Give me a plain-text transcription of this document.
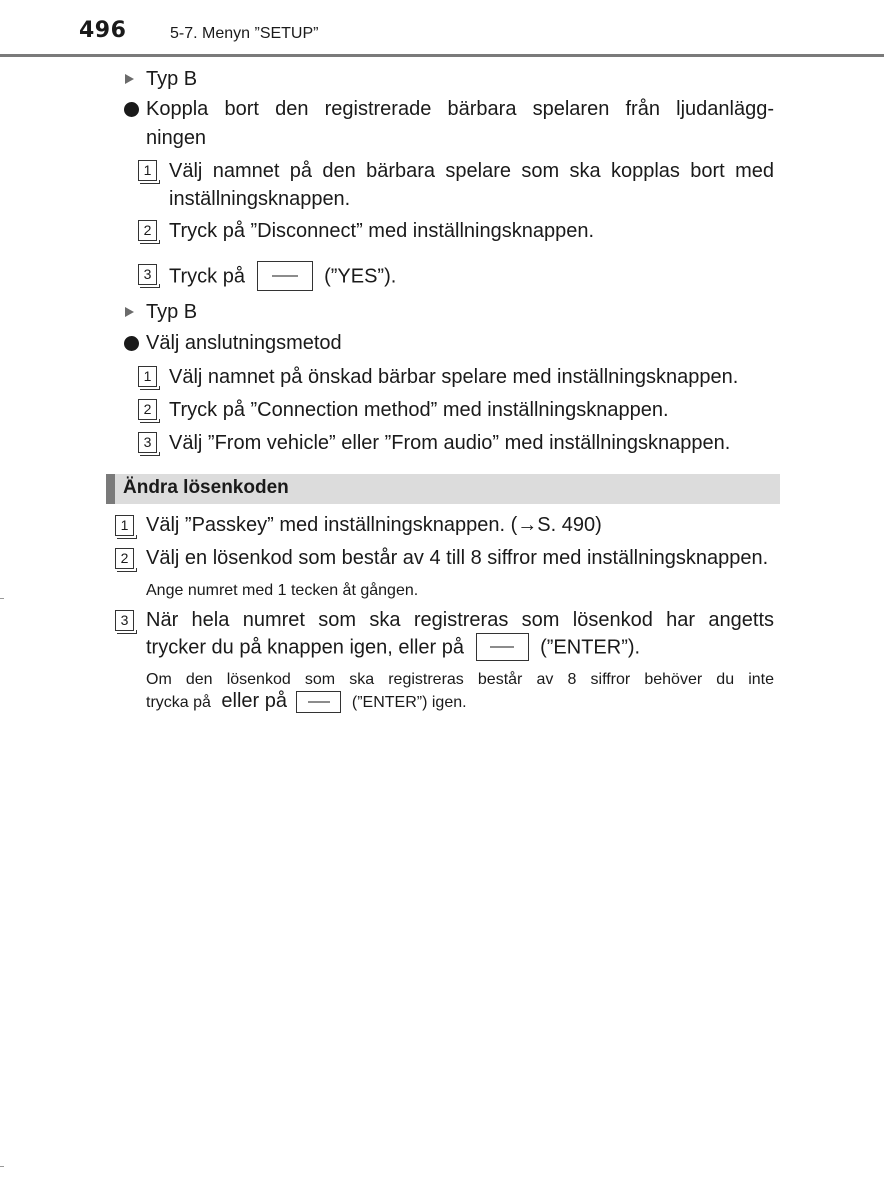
496	5-7. Menyn ”SETUP”
Typ B
Koppla bort den registrerade bärbara spelaren från ljudanlägg-
ningen
1 Välj namnet på den bärbara spelare som ska kopplas bort med
inställningsknappen.
2 Tryck på ”Disconnect” med inställningsknappen.
3 Tryck på	(”YES”).
Typ B
Välj anslutningsmetod
1 Välj namnet på önskad bärbar spelare med inställningsknappen.
2 Tryck på ”Connection method” med inställningsknappen.
3 Välj ”From vehicle” eller ”From audio” med inställningsknappen.
Ändra lösenkoden
1 Välj ”Passkey” med inställningsknappen. (→S. 490)
2 Välj en lösenkod som består av 4 till 8 siffror med inställningsknappen.
Ange numret med 1 tecken åt gången.
3 När hela numret som ska registreras som lösenkod har angetts
trycker du på knappen igen, eller på	(”ENTER”).
Om den lösenkod som ska registreras består av 8 siffror behöver du inte
trycka på eller på	(”ENTER”) igen.
